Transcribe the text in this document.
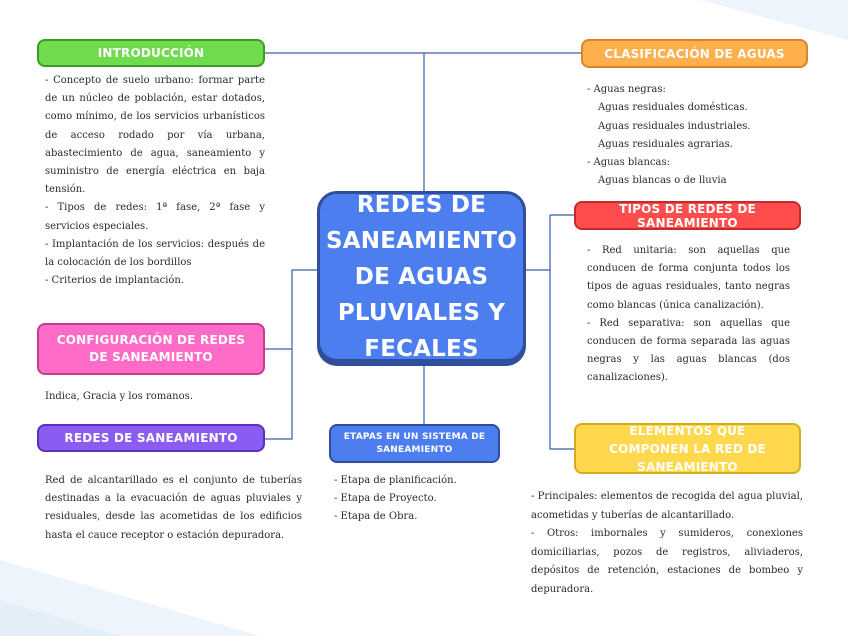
REDES DE SANEAMIENTO DE AGUAS PLUVIALES Y FECALES
INTRODUCCIÓN

- Concepto de suelo urbano: formar parte de un núcleo de población, estar dotados, como mínimo, de los servicios urbanísticos de acceso rodado por vía urbana, abastecimiento de agua, saneamiento y suministro de energía eléctrica en baja tensión.

- Tipos de redes: 1ª fase, 2ª fase y servicios especiales.

- Implantación de los servicios: después de la colocación de los bordillos

- Criterios de implantación.

CONFIGURACIÓN DE REDES DE SANEAMIENTO

Indica, Gracia y los romanos.

REDES DE SANEAMIENTO

Red de alcantarillado es el conjunto de tuberías destinadas a la evacuación de aguas pluviales y residuales, desde las acometidas de los edificios hasta el cauce receptor o estación depuradora.

ETAPAS EN UN SISTEMA DE SANEAMIENTO

- Etapa de planificación.

- Etapa de Proyecto.

- Etapa de Obra.

CLASIFICACIÓN DE AGUAS

- Aguas negras:

Aguas residuales domésticas.

Aguas residuales industriales.

Aguas residuales agrarias.

- Aguas blancas:

Aguas blancas o de lluvia

TIPOS DE REDES DE SANEAMIENTO

- Red unitaria: son aquellas que conducen de forma conjunta todos los tipos de aguas residuales, tanto negras como blancas (única canalización).

- Red separativa: son aquellas que conducen de forma separada las aguas negras y las aguas blancas (dos canalizaciones).

ELEMENTOS QUE COMPONEN LA RED DE SANEAMIENTO

- Principales: elementos de recogida del agua pluvial, acometidas y tuberías de alcantarillado.

- Otros: imbornales y sumideros, conexiones domiciliarias, pozos de registros, aliviaderos, depósitos de retención, estaciones de bombeo y depuradora.
